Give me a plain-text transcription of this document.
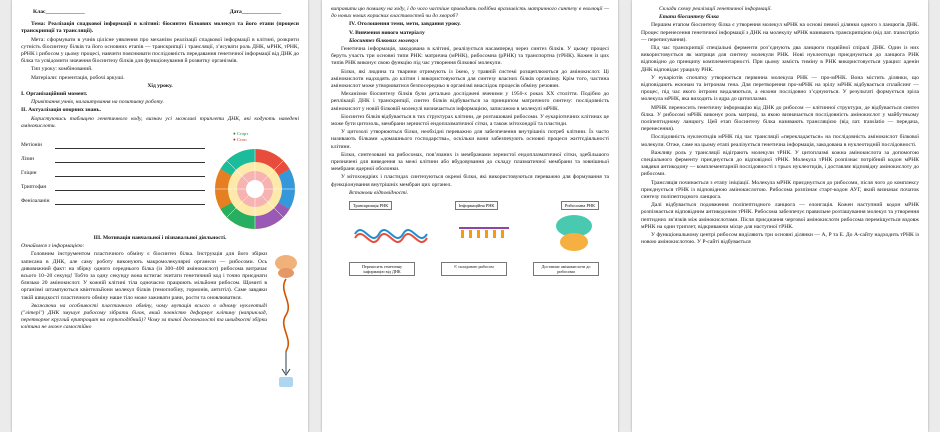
Клас______________	Дата______________

Тема: Реалізація спадкової інформації в клітині: біосинтез білкових молекул та його етапи (процеси транскрипції та трансляції).

Мета: сформувати в учнів цілісне уявлення про механізм реалізації спадкової інформації в клітині, розкрити сутність біосинтезу білків та його основних етапів — транскрипції і трансляції, з’ясувати роль ДНК, мРНК, тРНК, рРНК і рибосом у цьому процесі, навчити пояснювати послідовність передавання генетичної інформації від ДНК до білка та усвідомити значення біосинтезу білків для функціонування й розвитку організмів.

Тип уроку: комбінований.

Матеріали: презентація, робочі аркуші.

Хід уроку.

І. Організаційний момент.

Привітання учнів, налаштування на позитивну роботу.

ІІ. Актуалізація опорних знань.

Користуючись таблицею генетичного коду, визнач усі можливі триплети ДНК, які кодують наведені амінокислоти.

Метіонін
Лізин
Гліцин
Триптофан
Фенілаланін
● Старт
● Стоп

ІІІ. Мотивація навчальної і пізнавальної діяльності.

Ознайомся з інформацією:

Головним інструментом пластичного обміну є біосинтез білка. Інструкція для його збірки записана в ДНК, але саму роботу виконують макромолекулярні органели — рибосоми. Ось дивовижний факт: на збірку одного середнього білка (із 300–400 амінокислот) рибосома витрачає всього 10–20 секунд! Тобто за одну секунду вона встигає зчитати генетичний код і точно приєднати близько 20 амінокислот. У кожній клітині тіла одночасно працюють мільйони рибосом. Щомиті в організмі штампуються квінтильйони молекул білків (гемоглобіну, гормонів, антитіл). Саме завдяки такій швидкості пластичного обміну наше тіло може заживати рани, рости та оновлюватися.

Зважаючи на особливості пластичного обміну, чому мутація всього в одному нуклеотиді ("літері") ДНК змушує рибосому зібрати білок, який повністю деформує клітину (наприклад, перетворює круглий еритроцит на серпоподібний)? Чому за такої досконалості та швидкості збірки клітина не може самостійно

виправити цю помилку на ходу, і до чого частіше приводить подібна вразливість матричного синтезу в еволюції — до нових нових корисних властивостей чи до хвороб?

IV. Оголошення теми, мети, завдання уроку.

V. Вивчення нового матеріалу

Біосинтез білкових молекул

Генетична інформація, закодована в клітині, реалізується насамперед через синтез білків. У цьому процесі беруть участь три основні типи РНК: матрична (мРНК), рибосомна (рРНК) та транспортна (тРНК). Кожен із цих типів РНК виконує свою функцію під час утворення білкової молекули.

Білки, які людина та тварини отримують із їжею, у травній системі розщеплюються до амінокислот. Ці амінокислоти надходять до клітин і використовуються для синтезу власних білків організму. Крім того, частина амінокислот може утворюватися безпосередньо в організмі внаслідок процесів обміну речовин.

Механізми біосинтезу білків були детально досліджені вченими у 1950-х роках XX століття. Подібно до реплікації ДНК і транскрипції, синтез білків відбувається за принципом матричного синтезу: послідовність амінокислот у новій білковій молекулі визначається інформацією, записаною в молекулі мРНК.

Біосинтез білків відбувається в тих структурах клітини, де розташовані рибосоми. У еукаріотичних клітинах це може бути цитозоль, мембрани зернистої ендоплазматичної сітки, а також мітохондрії та пластиди.

У цитозолі утворюються білки, необхідні переважно для забезпечення внутрішніх потреб клітини. Їх часто називають білками «домашнього господарства», оскільки вони забезпечують основні процеси життєдіяльності клітини.

Білки, синтезовані на рибосомах, пов’язаних із мембранами зернистої ендоплазматичної сітки, здебільшого призначені для виведення за межі клітини або вбудовування до складу плазматичної мембрани та зовнішньої мембрани ядерної оболонки.

У мітохондріях і пластидах синтезуються окремі білки, які використовуються переважно для формування та функціонування внутрішніх мембран цих органел.

Встанови відповідності.

Транскрипція РНК	Інформаційна РНК	Рибосомна РНК
Переносить генетичну інформацію від ДНК
Є складовою рибосом	Доставляє амінокислоти до рибосоми

Склади схему реалізації генетичної інформації.

Етапи біосинтезу білка

Першим етапом біосинтезу білка є утворення молекул мРНК на основі певної ділянки одного з ланцюгів ДНК. Процес перенесення генетичної інформації з ДНК на молекулу мРНК називають транскрипцією (від лат. transcriptio — переписування).

Під час транскрипції спеціальні ферменти розʼєднують два ланцюги подвійної спіралі ДНК. Один із них використовується як матриця для синтезу молекули РНК. Нові нуклеотиди приєднуються до ланцюга РНК відповідно до принципу комплементарності. При цьому замість тиміну в РНК використовується урацил: аденін ДНК відповідає урацилу РНК.

У еукаріотів спочатку утворюється первинна молекула РНК — про-мРНК. Вона містить ділянки, що відповідають екзонам та інтронам гена. Для перетворення про-мРНК на зрілу мРНК відбувається сплайсинг — процес, під час якого інтрони видаляються, а екзони послідовно зʼєднуються. У результаті формується зріла молекула мРНК, яка виходить із ядра до цитоплазми.

МРНК переносить генетичну інформацію від ДНК до рибосом — клітинної структури, де відбувається синтез білка. У рибосомі мРНК виконує роль матриці, за якою визначається послідовність амінокислот у майбутньому поліпептидному ланцюгу. Цей етап біосинтезу білка називають трансляцією (від лат. translatio — передача, перенесення).

Послідовність нуклеотидів мРНК під час трансляції «перекладається» на послідовність амінокислот білкової молекули. Отже, саме на цьому етапі реалізується генетична інформація, закодована в нуклеотидній послідовності.

Важливу роль у трансляції відіграють молекули тРНК. У цитоплазмі кожна амінокислота за допомогою спеціального ферменту приєднується до відповідної тРНК. Молекула тРНК розпізнає потрібний кодон мРНК завдяки антикодону — комплементарній послідовності з трьох нуклеотидів, і доставляє відповідну амінокислоту до рибосоми.

Трансляція починається з етапу ініціації. Молекула мРНК приєднується до рибосоми, після чого до комплексу приєднується тРНК із відповідною амінокислотою. Рибосома розпізнає старт-кодон АУГ, який визначає початок синтезу поліпептидного ланцюга.

Далі відбувається подовження поліпептидного ланцюга — елонгація. Кожен наступний кодон мРНК розпізнається відповідним антикодоном тРНК. Рибосома забезпечує правильне розташування молекул та утворення пептидних зв’язків між амінокислотами. Після приєднання чергової амінокислоти рибосома переміщується вздовж мРНК на один триплет, відкриваючи місце для наступної тРНК.

У функціональному центрі рибосом виділяють три основні ділянки — А, Р та Е. До А-сайту надходить тРНК із новою амінокислотою. У Р-сайті відбувається
